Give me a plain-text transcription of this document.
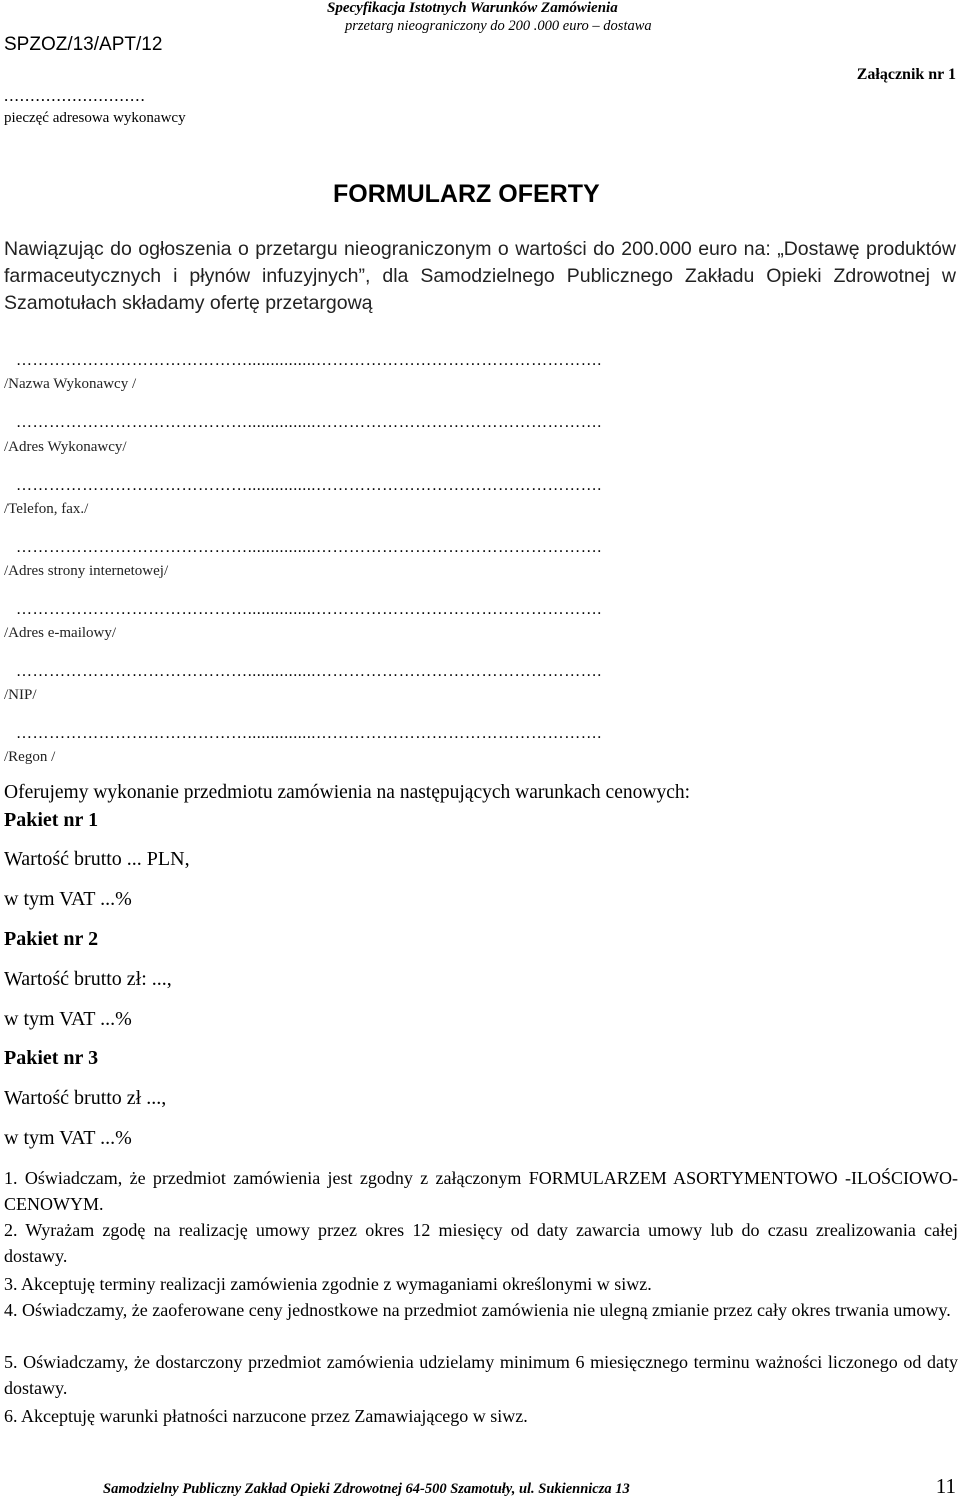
SPZOZ/13/APT/12
...........................
pieczęć adresowa wykonawcy
Specyfikacja Istotnych Warunków Zamówienia
przetarg nieograniczony do 200 .000 euro – dostawa
Załącznik nr 1
FORMULARZ OFERTY
Nawiązując do ogłoszenia o przetargu nieograniczonym o wartości do 200.000 euro na: „Dostawę produktów farmaceutycznych i płynów infuzyjnych”, dla Samodzielnego Publicznego Zakładu Opieki Zdrowotnej w Szamotułach składamy ofertę przetargową
……………………………………...............…………………………………………….
/Nazwa Wykonawcy /
……………………………………...............…………………………………………….
/Adres Wykonawcy/
……………………………………...............…………………………………………….
/Telefon, fax./
……………………………………...............…………………………………………….
/Adres strony internetowej/
……………………………………...............…………………………………………….
/Adres e-mailowy/
……………………………………...............…………………………………………….
/NIP/
……………………………………...............…………………………………………….
/Regon /
Oferujemy wykonanie przedmiotu zamówienia na następujących warunkach cenowych:
Pakiet nr 1
Wartość brutto ... PLN,
w tym VAT ...%
Pakiet nr 2
Wartość brutto zł: ...,
w tym VAT ...%
Pakiet nr 3
Wartość brutto zł ...,
w tym VAT ...%
1. Oświadczam, że przedmiot zamówienia jest zgodny z załączonym FORMULARZEM ASORTYMENTOWO -ILOŚCIOWO-CENOWYM.
2. Wyrażam zgodę na realizację umowy przez okres 12 miesięcy od daty zawarcia umowy lub do czasu zrealizowania całej dostawy.
3. Akceptuję terminy realizacji zamówienia zgodnie z wymaganiami określonymi w siwz.
4. Oświadczamy, że zaoferowane ceny jednostkowe na przedmiot zamówienia nie ulegną zmianie przez cały okres trwania umowy.
5. Oświadczamy, że dostarczony przedmiot zamówienia udzielamy minimum 6 miesięcznego terminu ważności liczonego od daty dostawy.
6. Akceptuję warunki płatności narzucone przez Zamawiającego w siwz.
Samodzielny Publiczny Zakład Opieki Zdrowotnej 64-500 Szamotuły, ul. Sukiennicza 13	11
